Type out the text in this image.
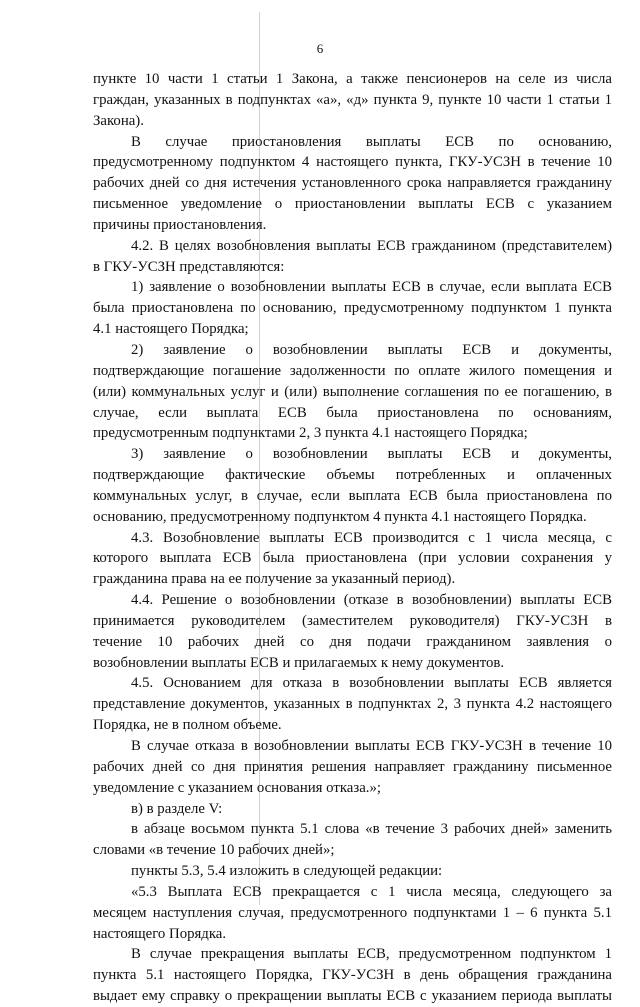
6
пункте 10 части 1 статьи 1 Закона, а также пенсионеров на селе из числа
граждан, указанных в подпунктах «а», «д» пункта 9, пункте 10 части 1 статьи 1
Закона).
В случае приостановления выплаты ЕСВ по основанию,
предусмотренному подпунктом 4 настоящего пункта, ГКУ-УСЗН в течение 10
рабочих дней со дня истечения установленного срока направляется гражданину
письменное уведомление о приостановлении выплаты ЕСВ с указанием
причины приостановления.
4.2. В целях возобновления выплаты ЕСВ гражданином (представителем)
в ГКУ-УСЗН представляются:
1) заявление о возобновлении выплаты ЕСВ в случае, если выплата ЕСВ
была приостановлена по основанию, предусмотренному подпунктом 1 пункта
4.1 настоящего Порядка;
2) заявление о возобновлении выплаты ЕСВ и документы,
подтверждающие погашение задолженности по оплате жилого помещения и
(или) коммунальных услуг и (или) выполнение соглашения по ее погашению, в
случае, если выплата ЕСВ была приостановлена по основаниям,
предусмотренным подпунктами 2, 3 пункта 4.1 настоящего Порядка;
3) заявление о возобновлении выплаты ЕСВ и документы,
подтверждающие фактические объемы потребленных и оплаченных
коммунальных услуг, в случае, если выплата ЕСВ была приостановлена по
основанию, предусмотренному подпунктом 4 пункта 4.1 настоящего Порядка.
4.3. Возобновление выплаты ЕСВ производится с 1 числа месяца, с
которого выплата ЕСВ была приостановлена (при условии сохранения у
гражданина права на ее получение за указанный период).
4.4. Решение о возобновлении (отказе в возобновлении) выплаты ЕСВ
принимается руководителем (заместителем руководителя) ГКУ-УСЗН в
течение 10 рабочих дней со дня подачи гражданином заявления о
возобновлении выплаты ЕСВ и прилагаемых к нему документов.
4.5. Основанием для отказа в возобновлении выплаты ЕСВ является
представление документов, указанных в подпунктах 2, 3 пункта 4.2 настоящего
Порядка, не в полном объеме.
В случае отказа в возобновлении выплаты ЕСВ ГКУ-УСЗН в течение 10
рабочих дней со дня принятия решения направляет гражданину письменное
уведомление с указанием основания отказа.»;
в) в разделе V:
в абзаце восьмом пункта 5.1 слова «в течение 3 рабочих дней» заменить
словами «в течение 10 рабочих дней»;
пункты 5.3, 5.4 изложить в следующей редакции:
«5.3 Выплата ЕСВ прекращается с 1 числа месяца, следующего за
месяцем наступления случая, предусмотренного подпунктами 1 – 6 пункта 5.1
настоящего Порядка.
В случае прекращения выплаты ЕСВ, предусмотренном подпунктом 1
пункта 5.1 настоящего Порядка, ГКУ-УСЗН в день обращения гражданина
выдает ему справку о прекращении выплаты ЕСВ с указанием периода выплаты
